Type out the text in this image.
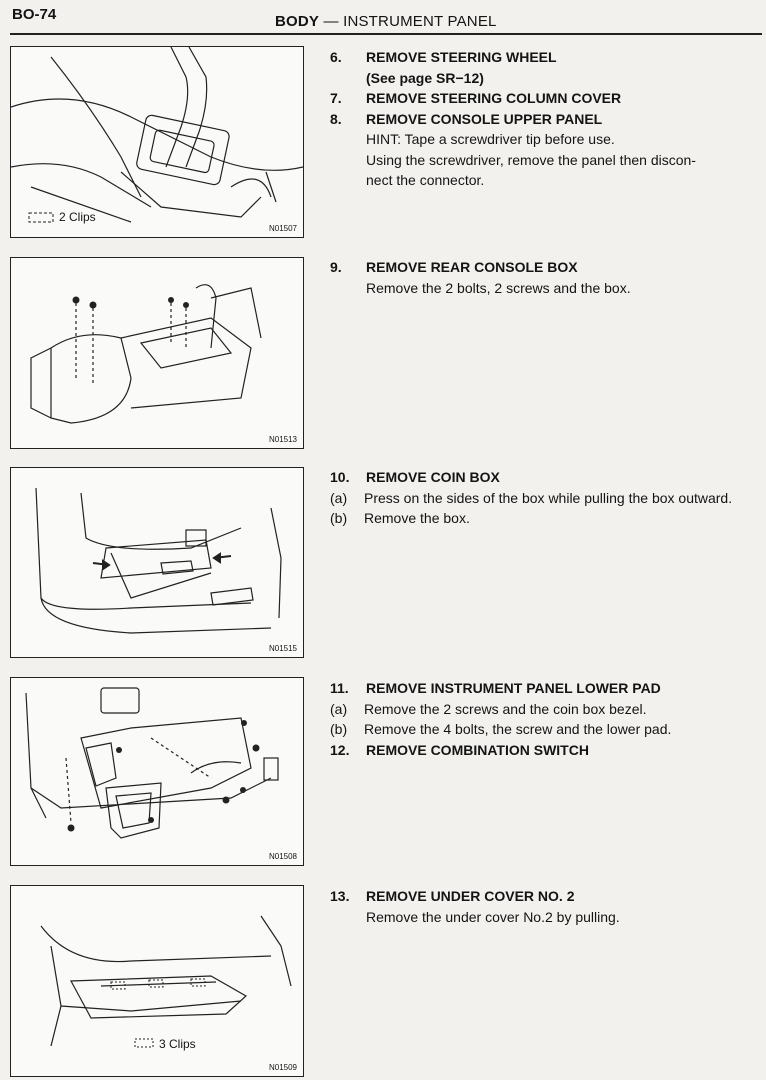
BO-74	BODY — INSTRUMENT PANEL
2 Clips
N01507
N01513
N01515
N01508
3 Clips
N01509
6.	REMOVE STEERING WHEEL
(See page SR−12)
7.	REMOVE STEERING COLUMN COVER
8.	REMOVE CONSOLE UPPER PANEL
HINT: Tape a screwdriver tip before use.
Using the screwdriver, remove the panel then discon-
nect the connector.
9.	REMOVE REAR CONSOLE BOX
Remove the 2 bolts, 2 screws and the box.
10.	REMOVE COIN BOX
(a)	Press on the sides of the box while pulling the box outward.
(b)	Remove the box.
11.	REMOVE INSTRUMENT PANEL LOWER PAD
(a)	Remove the 2 screws and the coin box bezel.
(b)	Remove the 4 bolts, the screw and the lower pad.
12.	REMOVE COMBINATION SWITCH
13.	REMOVE UNDER COVER NO. 2
Remove the under cover No.2 by pulling.
